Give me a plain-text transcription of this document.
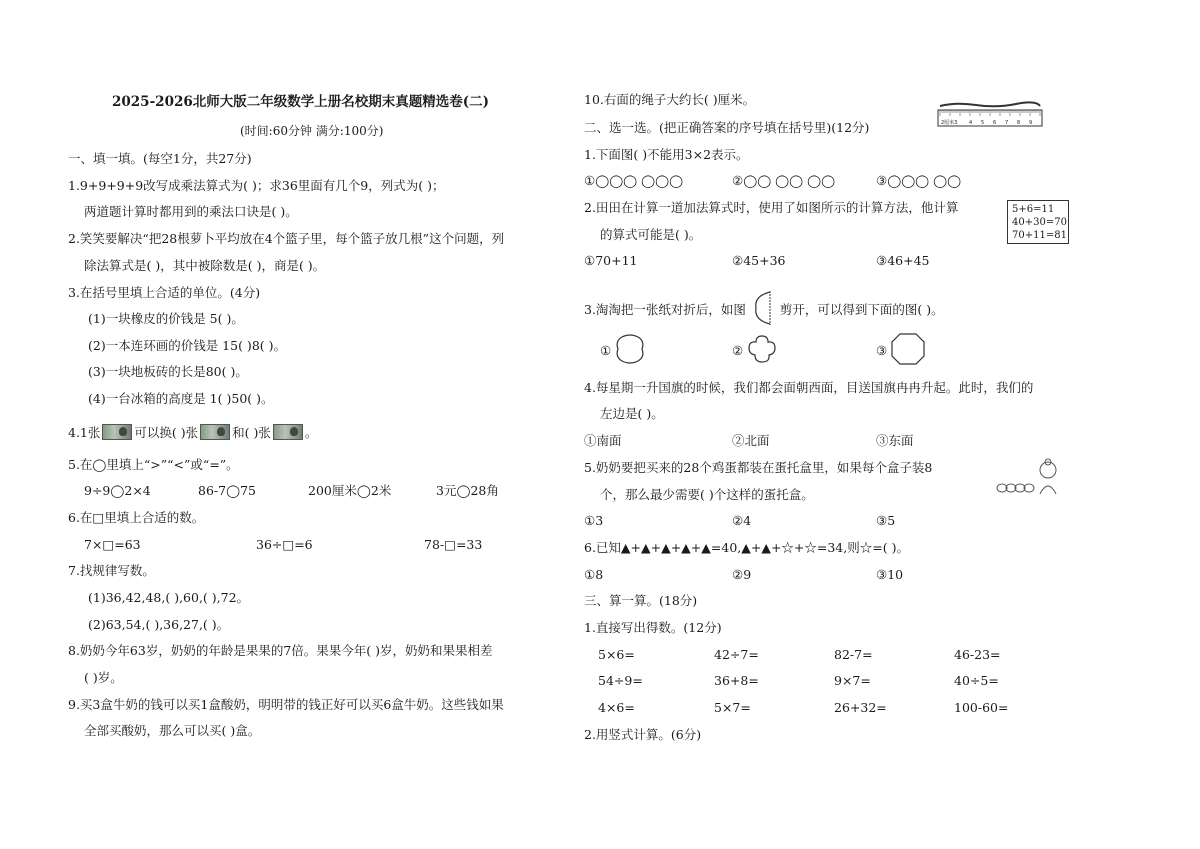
2025-2026北师大版二年级数学上册名校期末真题精选卷(二)
(时间:60分钟 满分:100分)
一、填一填。(每空1分，共27分)
1.9+9+9+9改写成乘法算式为( )；求36里面有几个9，列式为( )；
两道题计算时都用到的乘法口诀是( )。
2.笑笑要解决“把28根萝卜平均放在4个篮子里，每个篮子放几根”这个问题，列
除法算式是( )，其中被除数是( )，商是( )。
3.在括号里填上合适的单位。(4分)
(1)一块橡皮的价钱是 5( )。
(2)一本连环画的价钱是 15( )8( )。
(3)一块地板砖的长是80( )。
(4)一台冰箱的高度是 1( )50( )。
4.1张	可以换( )张	和( )张	。
5.在◯里填上“>”“<”或“=”。
9÷9◯2×4	86-7◯75	200厘米◯2米	3元◯28角
6.在□里填上合适的数。
7×□=63	36÷□=6	78-□=33
7.找规律写数。
(1)36,42,48,( ),60,( ),72。
(2)63,54,( ),36,27,( )。
8.奶奶今年63岁，奶奶的年龄是果果的7倍。果果今年( )岁，奶奶和果果相差
( )岁。
9.买3盒牛奶的钱可以买1盒酸奶，明明带的钱正好可以买6盒牛奶。这些钱如果
全部买酸奶，那么可以买( )盒。
10.右面的绳子大约长( )厘米。
2厘米3 4 5 6 7 8 9
二、选一选。(把正确答案的序号填在括号里)(12分)
1.下面图( )不能用3×2表示。
①◯◯◯ ◯◯◯	②◯◯ ◯◯ ◯◯	③◯◯◯ ◯◯
2.田田在计算一道加法算式时，使用了如图所示的计算方法，他计算
的算式可能是( )。
5+6=11
40+30=70
70+11=81
①70+11	②45+36	③46+45
3.淘淘把一张纸对折后，如图	剪开，可以得到下面的图( )。
①	②	③
4.每星期一升国旗的时候，我们都会面朝西面，目送国旗冉冉升起。此时，我们的
左边是( )。
①南面	②北面	③东面
5.奶奶要把买来的28个鸡蛋都装在蛋托盒里，如果每个盒子装8
个，那么最少需要( )个这样的蛋托盒。
①3	②4	③5
6.已知▲+▲+▲+▲+▲=40,▲+▲+☆+☆=34,则☆=( )。
①8	②9	③10
三、算一算。(18分)
1.直接写出得数。(12分)
5×6=	42÷7=	82-7=	46-23=
54÷9=	36+8=	9×7=	40÷5=
4×6=	5×7=	26+32=	100-60=
2.用竖式计算。(6分)
